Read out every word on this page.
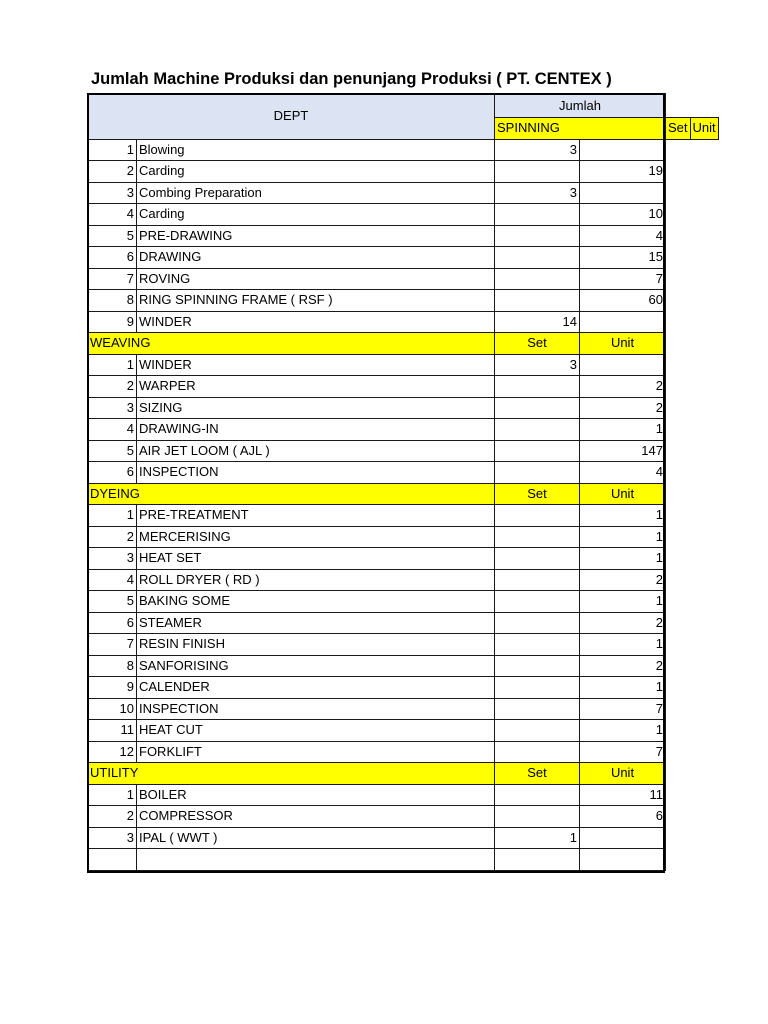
Jumlah Machine Produksi dan penunjang Produksi ( PT. CENTEX )
DEPT		Jumlah			
		SPINNING		Set	Unit
1	Blowing	3			
2	Carding		19		
3	Combing Preparation	3			
4	Carding		10		
5	PRE-DRAWING		4		
6	DRAWING		15		
7	ROVING		7		
8	RING SPINNING FRAME ( RSF )		60		
9	WINDER	14			
WEAVING		Set	Unit		
1	WINDER	3			
2	WARPER		2		
3	SIZING		2		
4	DRAWING-IN		1		
5	AIR JET LOOM ( AJL )		147		
6	INSPECTION		4		
DYEING		Set	Unit		
1	PRE-TREATMENT		1		
2	MERCERISING		1		
3	HEAT SET		1		
4	ROLL DRYER ( RD )		2		
5	BAKING SOME		1		
6	STEAMER		2		
7	RESIN FINISH		1		
8	SANFORISING		2		
9	CALENDER		1		
10	INSPECTION		7		
11	HEAT CUT		1		
12	FORKLIFT		7		
UTILITY		Set	Unit		
1	BOILER		11		
2	COMPRESSOR		6		
3	IPAL ( WWT )	1			
